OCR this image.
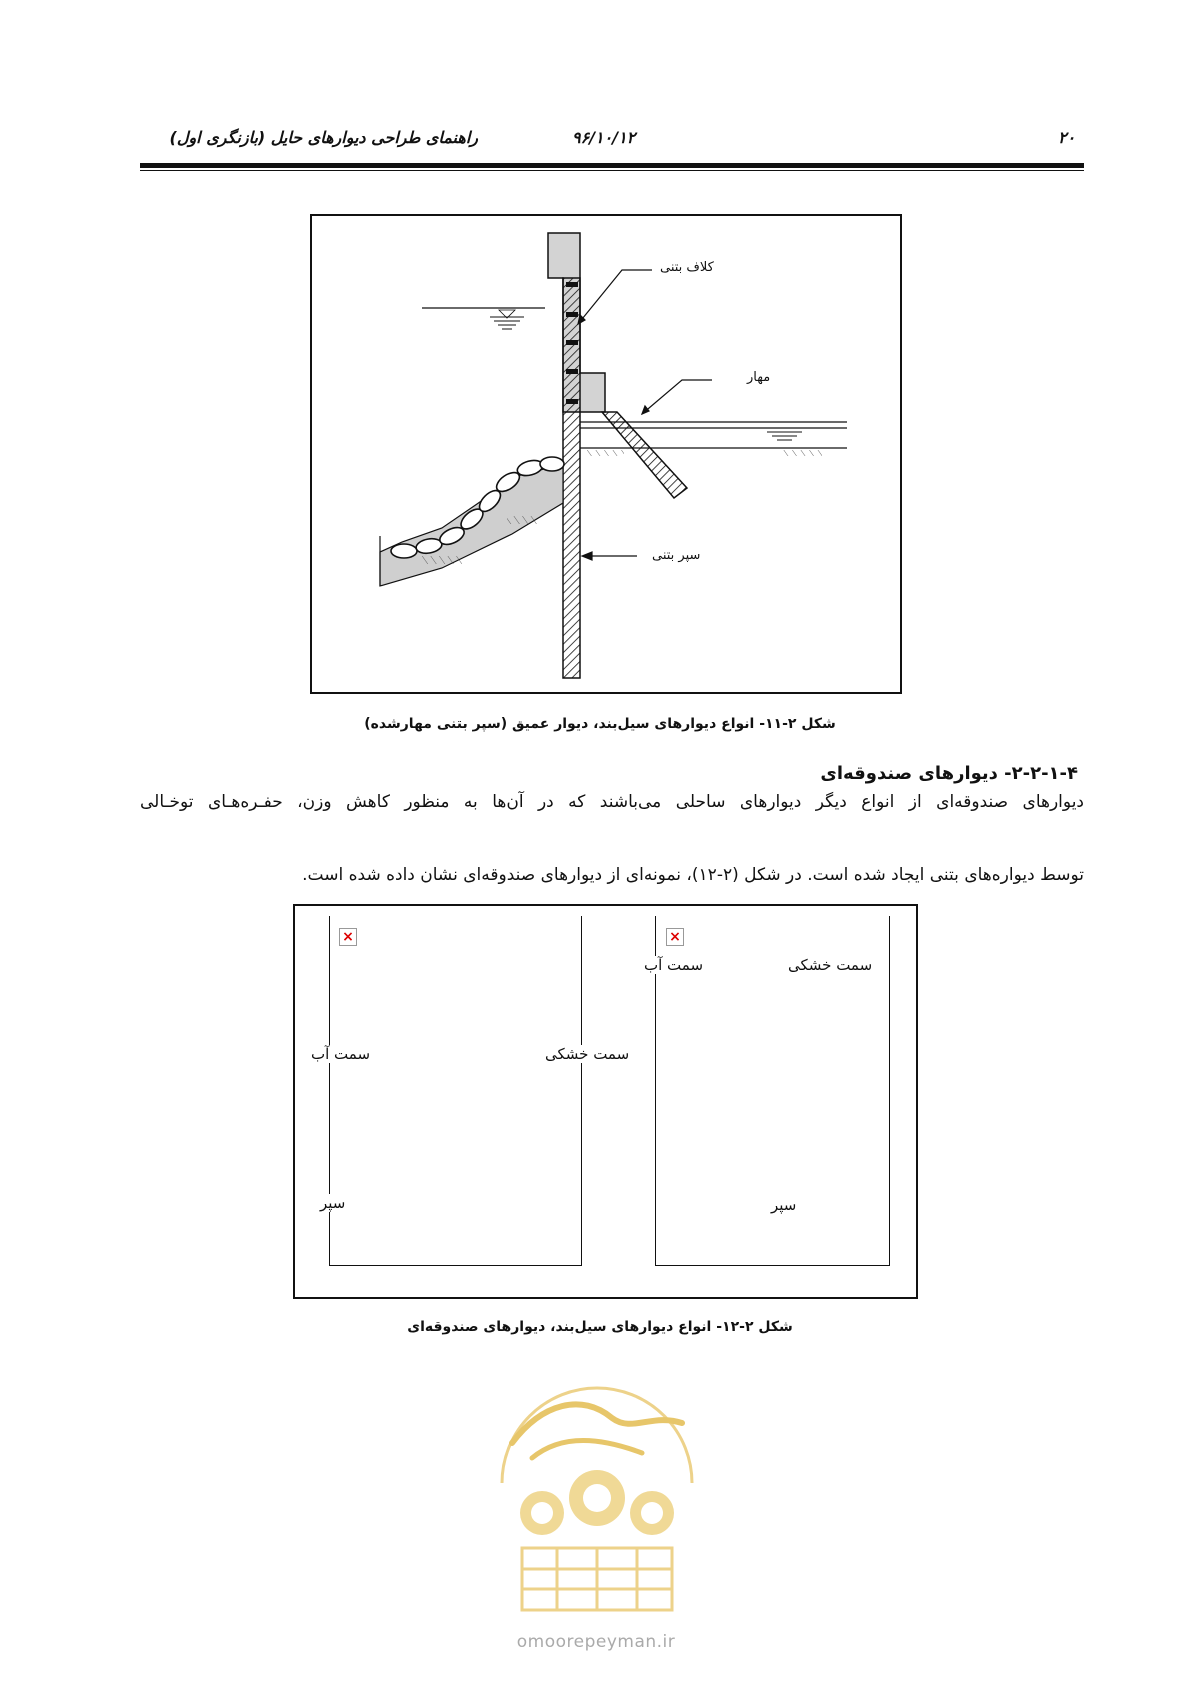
۲۰
۹۶/۱۰/۱۲
راهنمای طراحی دیوارهای حایل (بازنگری اول)
کلاف بتنی
مهار
سپر بتنی
شکل ۲-۱۱- انواع دیوارهای سیل‌بند، دیوار عمیق (سپر بتنی مهارشده)
۲-۲-۱-۴- دیوارهای صندوقه‌ای
دیوارهای صندوقه‌ای از انواع دیگر دیوارهای ساحلی می‌باشند که در آن‌ها به منظور کاهش وزن، حفـره‌هـای توخـالی
توسط دیواره‌های بتنی ایجاد شده است. در شکل (۲-۱۲)، نمونه‌ای از دیوارهای صندوقه‌ای نشان داده شده است.
×	×
سمت آب	سمت خشکی
سپر
سمت آب	سمت خشکی
سپر
شکل ۲-۱۲- انواع دیوارهای سیل‌بند، دیوارهای صندوقه‌ای
omoorepeyman.ir
